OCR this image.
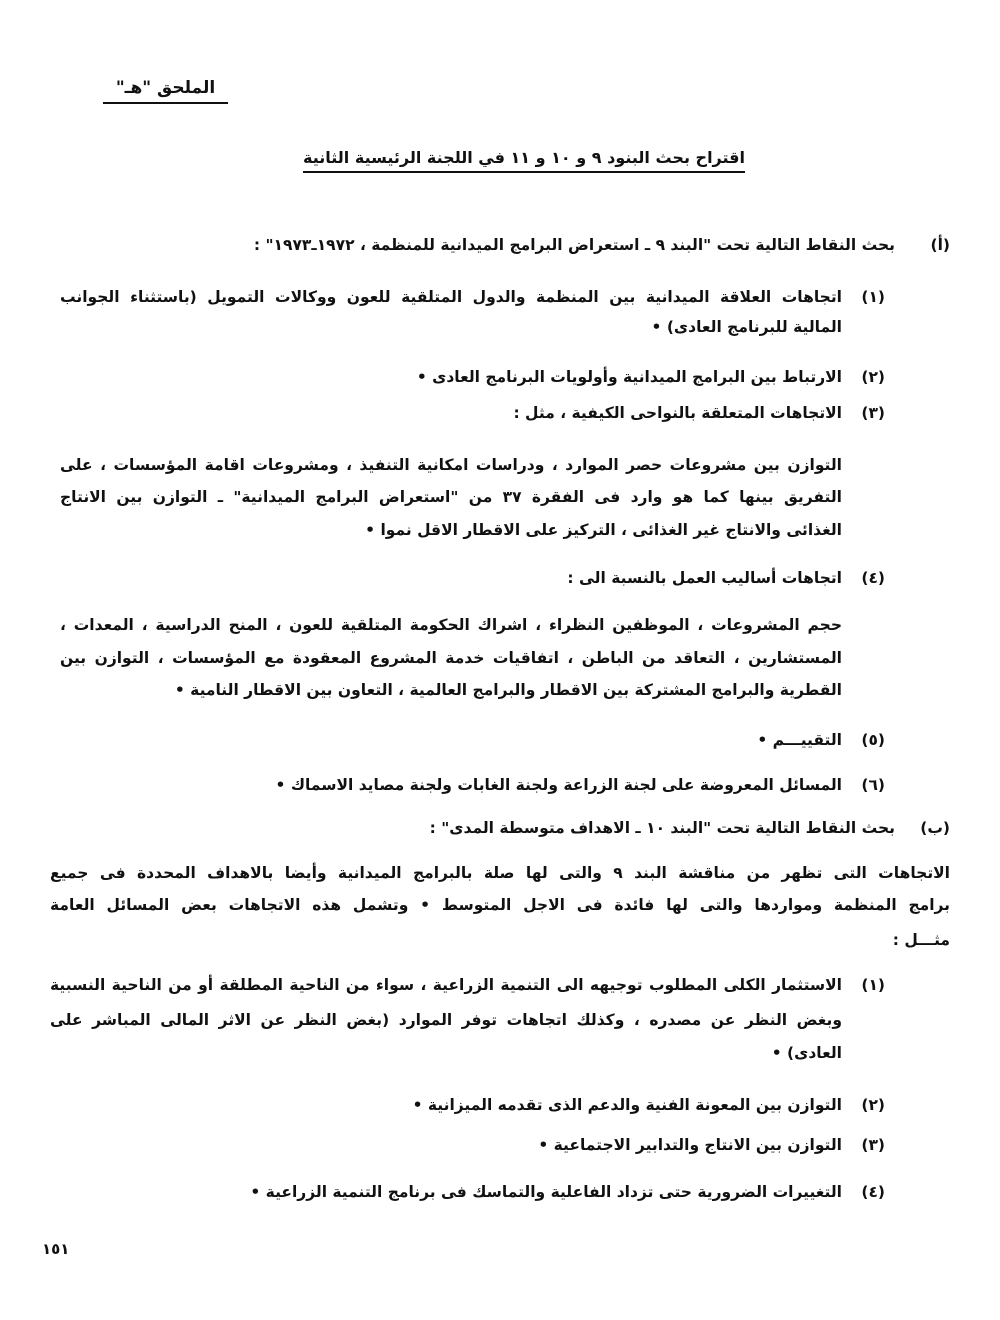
الملحق "هـ"
اقتراح بحث البنود ٩ و ١٠ و ١١ في اللجنة الرئيسية الثانية
(أ)
بحث النقاط التالية تحت "البند ٩ ـ استعراض البرامج الميدانية للمنظمة ، ١٩٧٢ـ١٩٧٣" :
(١)
اتجاهات العلاقة الميدانية بين المنظمة والدول المتلقية للعون ووكالات التمويل (باستثناء الجوانب
المالية للبرنامج العادى) •
(٢)
الارتباط بين البرامج الميدانية وأولويات البرنامج العادى •
(٣)
الاتجاهات المتعلقة بالنواحى الكيفية ، مثل :
التوازن بين مشروعات حصر الموارد ، ودراسات امكانية التنفيذ ، ومشروعات اقامة المؤسسات ، على
التفريق بينها كما هو وارد فى الفقرة ٣٧ من "استعراض البرامج الميدانية" ـ التوازن بين الانتاج
الغذائى والانتاج غير الغذائى ، التركيز على الاقطار الاقل نموا •
(٤)
اتجاهات أساليب العمل بالنسبة الى :
حجم المشروعات ، الموظفين النظراء ، اشراك الحكومة المتلقية للعون ، المنح الدراسية ، المعدات ،
المستشارين ، التعاقد من الباطن ، اتفاقيات خدمة المشروع المعقودة مع المؤسسات ، التوازن بين
القطرية والبرامج المشتركة بين الاقطار والبرامج العالمية ، التعاون بين الاقطار النامية •
(٥)
التقييـــم •
(٦)
المسائل المعروضة على لجنة الزراعة ولجنة الغابات ولجنة مصايد الاسماك •
(ب)
بحث النقاط التالية تحت "البند ١٠ ـ الاهداف متوسطة المدى" :
الاتجاهات التى تظهر من مناقشة البند ٩ والتى لها صلة بالبرامج الميدانية وأيضا بالاهداف المحددة فى جميع
برامج المنظمة ومواردها والتى لها فائدة فى الاجل المتوسط • وتشمل هذه الاتجاهات بعض المسائل العامة
مثـــل :
(١)
الاستثمار الكلى المطلوب توجيهه الى التنمية الزراعية ، سواء من الناحية المطلقة أو من الناحية النسبية
وبغض النظر عن مصدره ، وكذلك اتجاهات توفر الموارد (بغض النظر عن الاثر المالى المباشر على
العادى) •
(٢)
التوازن بين المعونة الفنية والدعم الذى تقدمه الميزانية •
(٣)
التوازن بين الانتاج والتدابير الاجتماعية •
(٤)
التغييرات الضرورية حتى تزداد الفاعلية والتماسك فى برنامج التنمية الزراعية •
١٥١
